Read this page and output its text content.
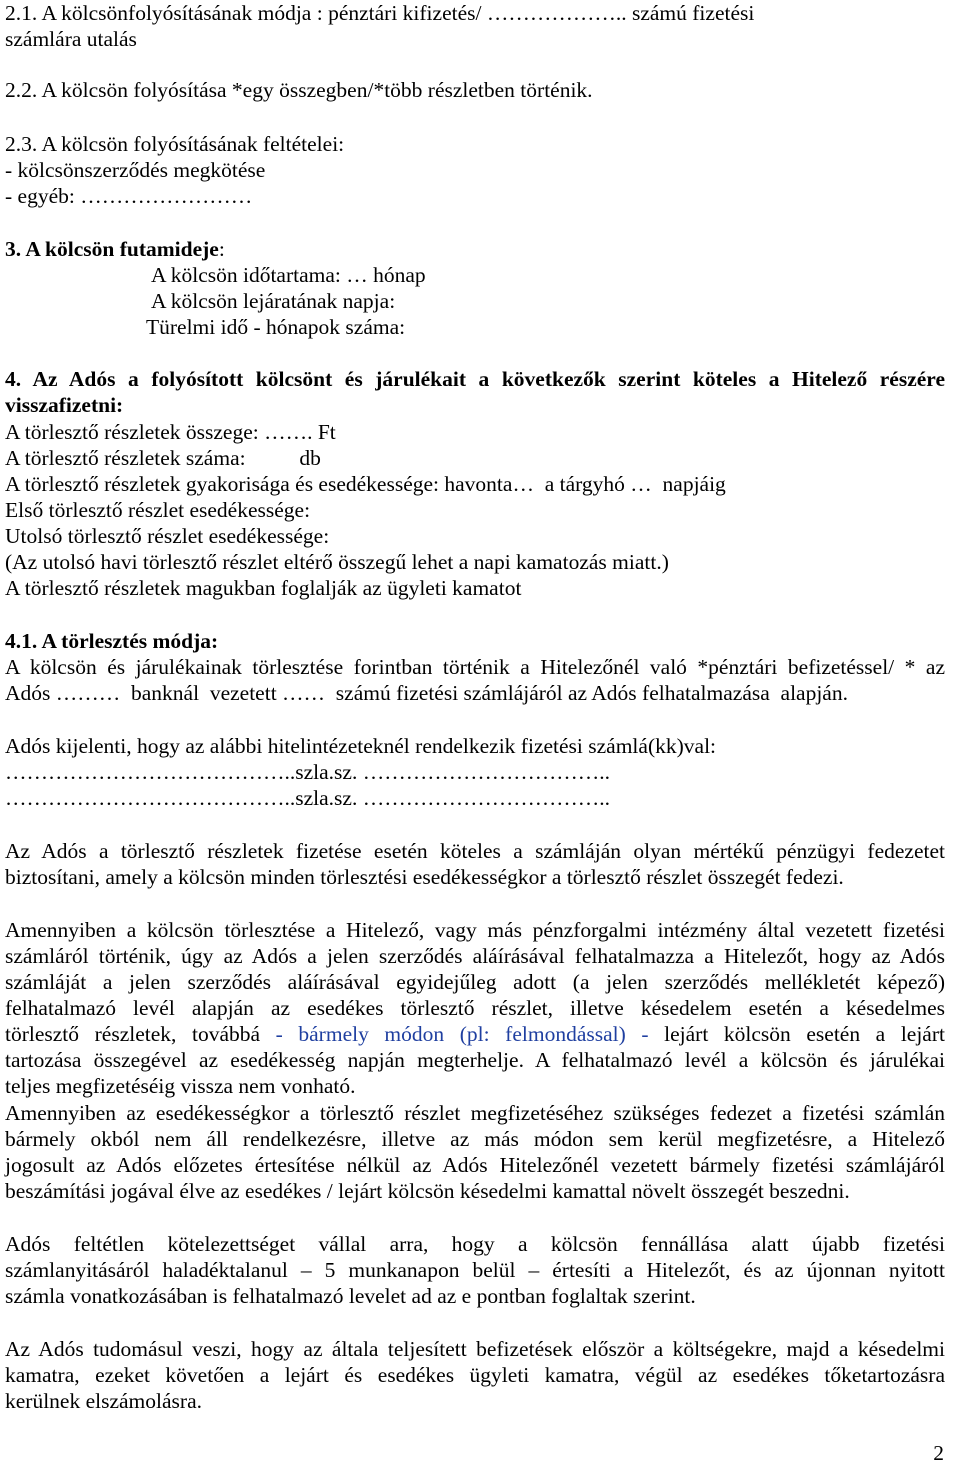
2.1. A kölcsönfolyósításának módja : pénztári kifizetés/ ……………….. számú fizetési
számlára utalás
2.2. A kölcsön folyósítása *egy összegben/*több részletben történik.
2.3. A kölcsön folyósításának feltételei:
- kölcsönszerződés megkötése
- egyéb: ……………………
3. A kölcsön futamideje:
A kölcsön időtartama: … hónap
A kölcsön lejáratának napja:
Türelmi idő - hónapok száma:
4. Az Adós a folyósított kölcsönt és járulékait a következők szerint köteles a Hitelező részére
visszafizetni:
A törlesztő részletek összege: ……. Ft
A törlesztő részletek száma:          db
A törlesztő részletek gyakorisága és esedékessége: havonta…  a tárgyhó …  napjáig
Első törlesztő részlet esedékessége:
Utolsó törlesztő részlet esedékessége:
(Az utolsó havi törlesztő részlet eltérő összegű lehet a napi kamatozás miatt.)
A törlesztő részletek magukban foglalják az ügyleti kamatot
4.1. A törlesztés módja:
A kölcsön és járulékainak törlesztése forintban történik a Hitelezőnél való *pénztári befizetéssel/ * az
Adós ………  banknál  vezetett ……  számú fizetési számlájáról az Adós felhatalmazása  alapján.
Adós kijelenti, hogy az alábbi hitelintézeteknél rendelkezik fizetési számlá(kk)val:
…………………………………..szla.sz. ……………………………..
…………………………………..szla.sz. ……………………………..
Az Adós a törlesztő részletek fizetése esetén köteles a számláján olyan mértékű pénzügyi fedezetet
biztosítani, amely a kölcsön minden törlesztési esedékességkor a törlesztő részlet összegét fedezi.
Amennyiben a kölcsön törlesztése a Hitelező, vagy más pénzforgalmi intézmény által vezetett fizetési
számláról történik, úgy az Adós a jelen szerződés aláírásával felhatalmazza a Hitelezőt, hogy az Adós
számláját a jelen szerződés aláírásával egyidejűleg adott (a jelen szerződés mellékletét képező)
felhatalmazó levél alapján az esedékes törlesztő részlet, illetve késedelem esetén a késedelmes
törlesztő részletek, továbbá - bármely módon (pl: felmondással) - lejárt kölcsön esetén a lejárt
tartozása összegével az esedékesség napján megterhelje. A felhatalmazó levél a kölcsön és járulékai
teljes megfizetéséig vissza nem vonható.
Amennyiben az esedékességkor a törlesztő részlet megfizetéséhez szükséges fedezet a fizetési számlán
bármely okból nem áll rendelkezésre, illetve az más módon sem kerül megfizetésre, a Hitelező
jogosult az Adós előzetes értesítése nélkül az Adós Hitelezőnél vezetett bármely fizetési számlájáról
beszámítási jogával élve az esedékes / lejárt kölcsön késedelmi kamattal növelt összegét beszedni.
Adós feltétlen kötelezettséget vállal arra, hogy a kölcsön fennállása alatt újabb fizetési
számlanyitásáról haladéktalanul – 5 munkanapon belül – értesíti a Hitelezőt, és az újonnan nyitott
számla vonatkozásában is felhatalmazó levelet ad az e pontban foglaltak szerint.
Az Adós tudomásul veszi, hogy az általa teljesített befizetések először a költségekre, majd a késedelmi
kamatra, ezeket követően a lejárt és esedékes ügyleti kamatra, végül az esedékes tőketartozásra
kerülnek elszámolásra.
2
